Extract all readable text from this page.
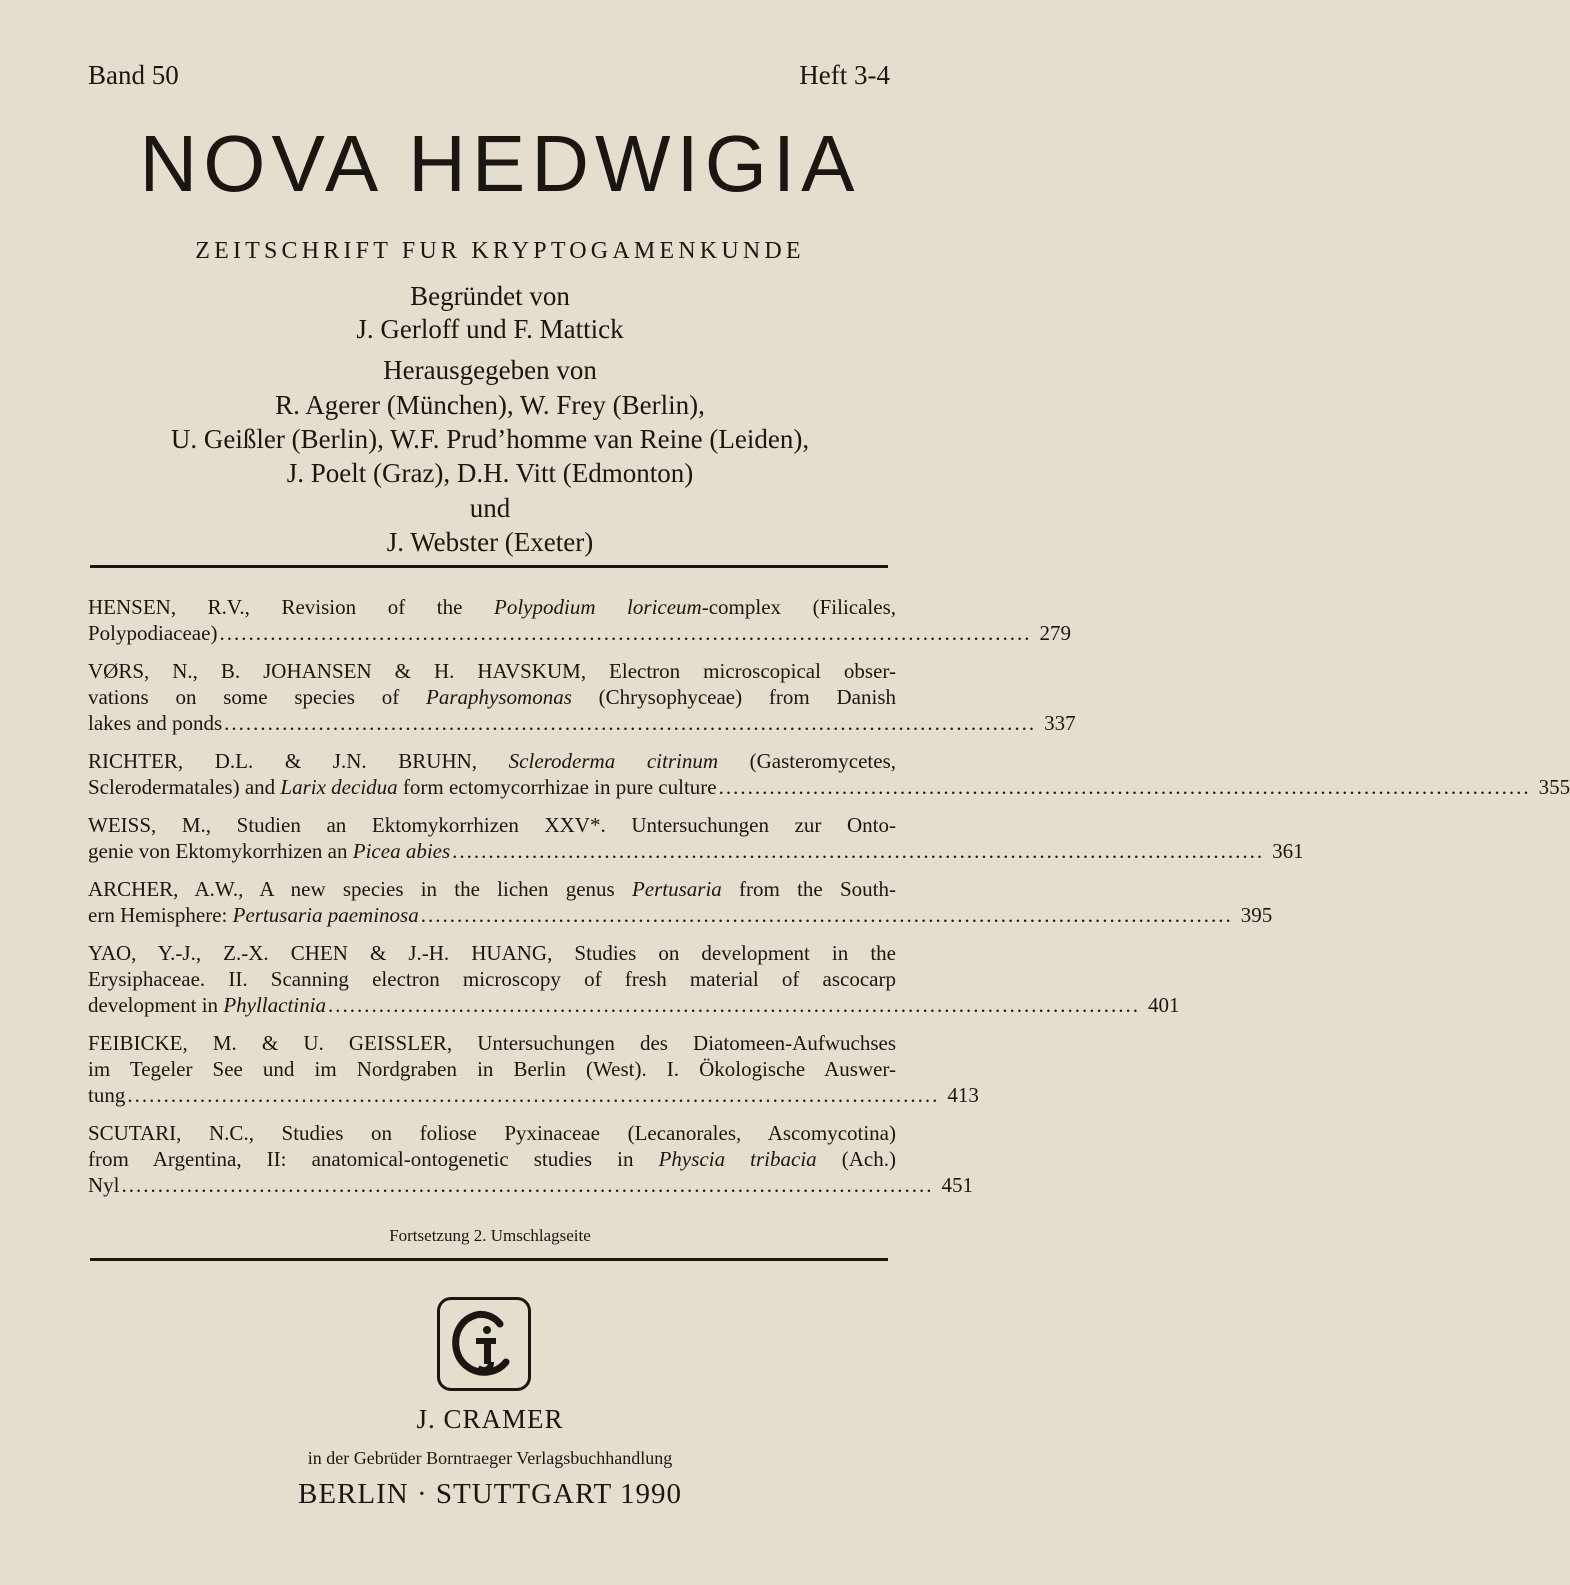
Band 50	Heft 3-4
NOVA HEDWIGIA
ZEITSCHRIFT FUR KRYPTOGAMENKUNDE
Begründet von
J. Gerloff und F. Mattick
Herausgegeben von
R. Agerer (München), W. Frey (Berlin),
U. Geißler (Berlin), W.F. Prud’homme van Reine (Leiden),
J. Poelt (Graz), D.H. Vitt (Edmonton)
und
J. Webster (Exeter)
HENSEN, R.V., Revision of the Polypodium loriceum-complex (Filicales,
Polypodiaceae) ................................................................................................................ 279
VØRS, N., B. JOHANSEN & H. HAVSKUM, Electron microscopical obser-
vations on some species of Paraphysomonas (Chrysophyceae) from Danish
lakes and ponds ................................................................................................................ 337
RICHTER, D.L. & J.N. BRUHN, Scleroderma citrinum (Gasteromycetes,
Sclerodermatales) and Larix decidua form ectomycorrhizae in pure culture ................................................................................................................ 355
WEISS, M., Studien an Ektomykorrhizen XXV*. Untersuchungen zur Onto-
genie von Ektomykorrhizen an Picea abies ................................................................................................................ 361
ARCHER, A.W., A new species in the lichen genus Pertusaria from the South-
ern Hemisphere: Pertusaria paeminosa ................................................................................................................ 395
YAO, Y.-J., Z.-X. CHEN & J.-H. HUANG, Studies on development in the
Erysiphaceae. II. Scanning electron microscopy of fresh material of ascocarp
development in Phyllactinia ................................................................................................................ 401
FEIBICKE, M. & U. GEISSLER, Untersuchungen des Diatomeen-Aufwuchses
im Tegeler See und im Nordgraben in Berlin (West). I. Ökologische Auswer-
tung ................................................................................................................ 413
SCUTARI, N.C., Studies on foliose Pyxinaceae (Lecanorales, Ascomycotina)
from Argentina, II: anatomical-ontogenetic studies in Physcia tribacia (Ach.)
Nyl ................................................................................................................ 451
Fortsetzung 2. Umschlagseite
J. CRAMER
in der Gebrüder Borntraeger Verlagsbuchhandlung
BERLIN · STUTTGART 1990
